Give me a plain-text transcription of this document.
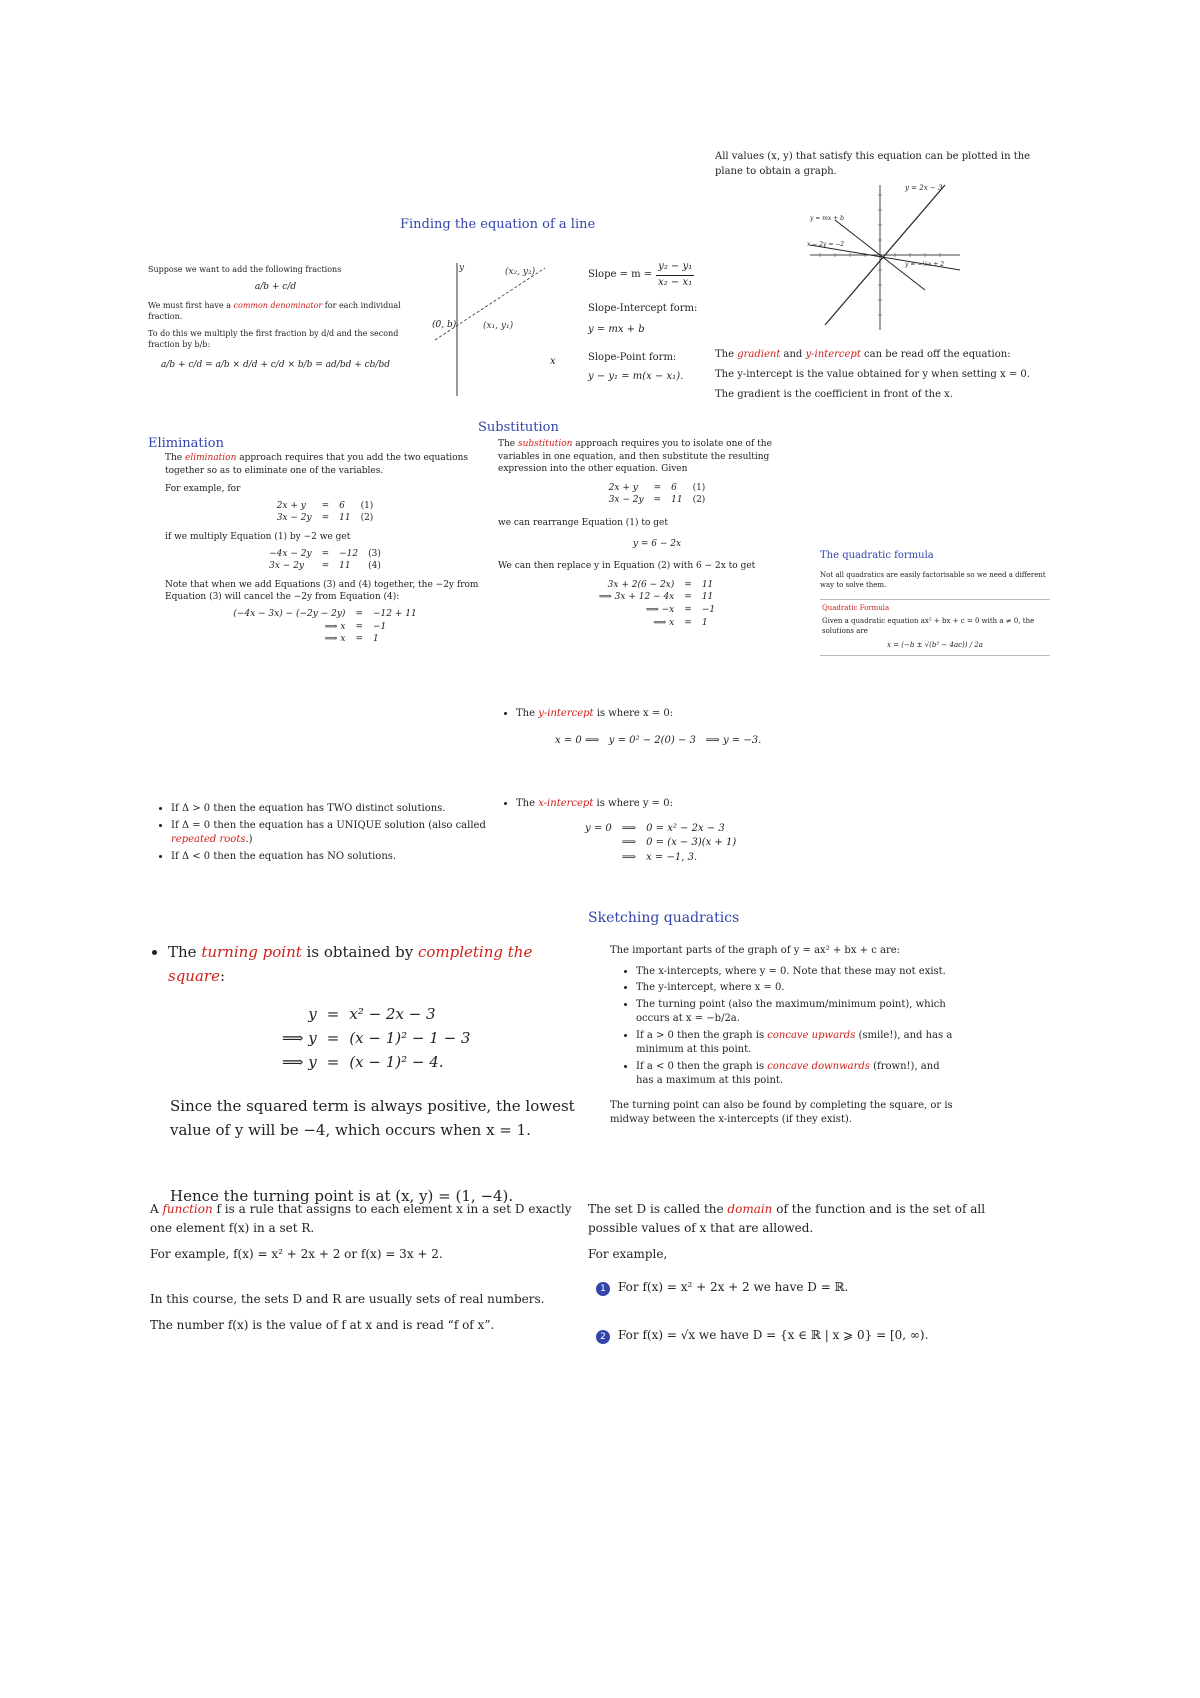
All values (x, y) that satisfy this equation can be plotted in the plane to obtain a graph.
y = 2x − 3
y = mx + b
x − 2y = −2
y = −½x + 2
The gradient and y-intercept can be read off the equation:
The y-intercept is the value obtained for y when setting x = 0.
The gradient is the coefficient in front of the x.
Finding the equation of a line
y	(x₂, y₂)
(x₁, y₁)
(0, b)
x
Slope = $m = \frac{\text{y₂ − y₁}}{\text{x₂ − x₁}}$
Slope-Intercept form:
y = mx + b
Slope-Point form:
y − y₁ = m(x − x₁).
Suppose we want to add the following fractions
a/b + c/d
We must first have a common denominator for each individual fraction.
To do this we multiply the first fraction by d/d and the second fraction by b/b:
a/b + c/d = a/b × d/d + c/d × b/b = ad/bd + cb/bd
Elimination
The elimination approach requires that you add the two equations together so as to eliminate one of the variables.
For example, for
2x + y	=	6	(1)
3x − 2y	=	11	(2)
if we multiply Equation (1) by −2 we get
−4x − 2y	=	−12	(3)
3x − 2y	=	11	(4)
Note that when we add Equations (3) and (4) together, the −2y from Equation (3) will cancel the −2y from Equation (4):
(−4x − 3x) − (−2y − 2y)	=	−12 + 11
⟹ x	=	−1
⟹ x	=	1
Substitution
The substitution approach requires you to isolate one of the variables in one equation, and then substitute the resulting expression into the other equation. Given
2x + y	=	6	(1)
3x − 2y	=	11	(2)
we can rearrange Equation (1) to get
y = 6 − 2x
We can then replace y in Equation (2) with 6 − 2x to get
3x + 2(6 − 2x)	=	11
⟹ 3x + 12 − 4x	=	11
⟹ −x	=	−1
⟹ x	=	1
The quadratic formula
Not all quadratics are easily factorisable so we need a different way to solve them.
Quadratic Formula
Given a quadratic equation ax² + bx + c = 0 with a ≠ 0, the solutions are
x = (−b ± √(b² − 4ac)) / 2a
• The y-intercept is where x = 0:
x = 0 ⟹   y = 0² − 2(0) − 3   ⟹ y = −3.
• If Δ > 0 then the equation has TWO distinct solutions.
• If Δ = 0 then the equation has a UNIQUE solution (also called repeated roots.)
• If Δ < 0 then the equation has NO solutions.
• The x-intercept is where y = 0:
y = 0	⟹	0 = x² − 2x − 3
	⟹	0 = (x − 3)(x + 1)
	⟹	x = −1, 3.
Sketching quadratics
The important parts of the graph of y = ax² + bx + c are:
• The x-intercepts, where y = 0. Note that these may not exist.
• The y-intercept, where x = 0.
• The turning point (also the maximum/minimum point), which occurs at x = −b/2a.
• If a > 0 then the graph is concave upwards (smile!), and has a minimum at this point.
• If a < 0 then the graph is concave downwards (frown!), and has a maximum at this point.
The turning point can also be found by completing the square, or is midway between the x-intercepts (if they exist).
• The turning point is obtained by completing the square:
y	=	x² − 2x − 3
⟹ y	=	(x − 1)² − 1 − 3
⟹ y	=	(x − 1)² − 4.
Since the squared term is always positive, the lowest value of y will be −4, which occurs when x = 1.
Hence the turning point is at (x, y) = (1, −4).
A function f is a rule that assigns to each element x in a set D exactly one element f(x) in a set R.
For example, f(x) = x² + 2x + 2 or f(x) = 3x + 2.
In this course, the sets D and R are usually sets of real numbers.
The number f(x) is the value of f at x and is read “f of x”.
The set D is called the domain of the function and is the set of all possible values of x that are allowed.
For example,
1 For f(x) = x² + 2x + 2 we have D = ℝ.
2 For f(x) = √x we have D = {x ∈ ℝ | x ⩾ 0} = [0, ∞).
